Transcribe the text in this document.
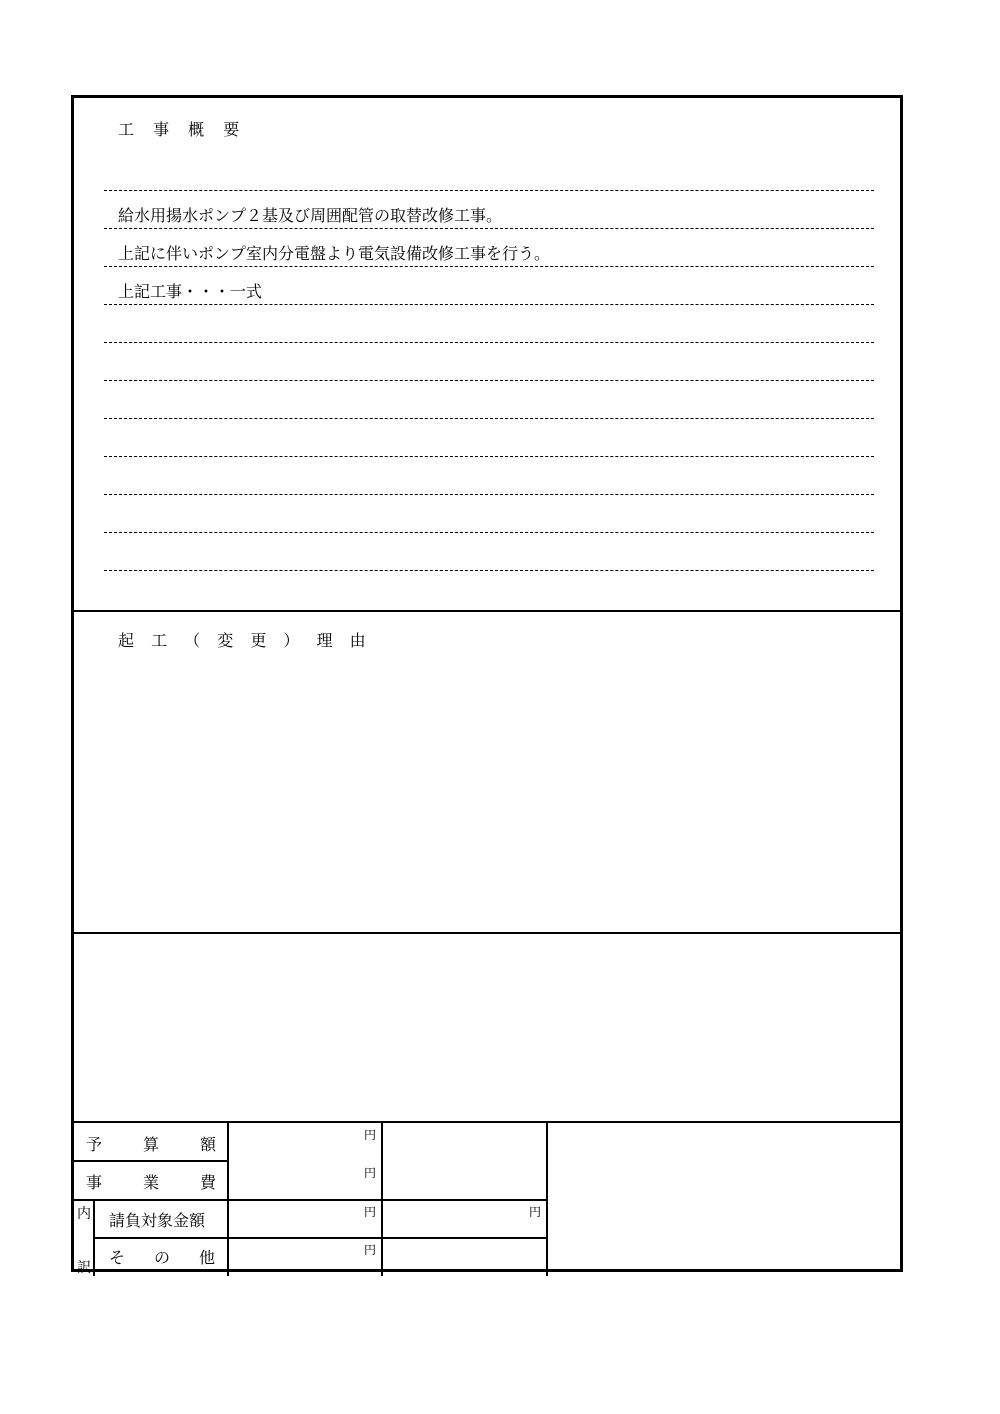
工 事 概 要
給水用揚水ポンプ２基及び周囲配管の取替改修工事。
上記に伴いポンプ室内分電盤より電気設備改修工事を行う。
上記工事・・・一式
起 工 （ 変 更 ） 理 由
予	算	額	円
事	業	費	円
内
訳
請負対象金額	円	円
そ の 他	円
